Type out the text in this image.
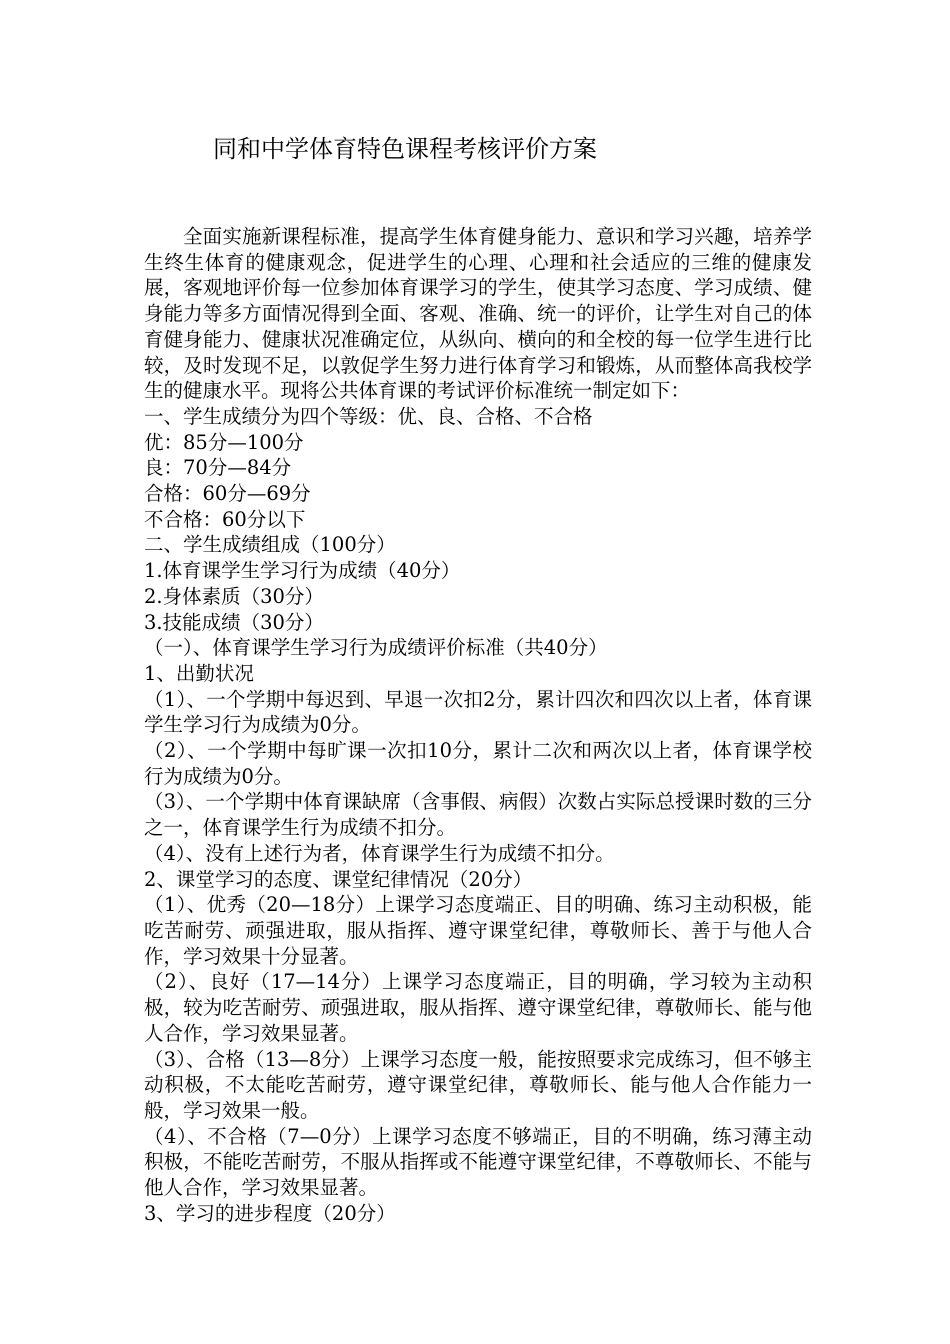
同和中学体育特色课程考核评价方案

全面实施新课程标准，提高学生体育健身能力、意识和学习兴趣，培养学生终生体育的健康观念，促进学生的心理、心理和社会适应的三维的健康发展，客观地评价每一位参加体育课学习的学生，使其学习态度、学习成绩、健身能力等多方面情况得到全面、客观、准确、统一的评价，让学生对自己的体育健身能力、健康状况准确定位，从纵向、横向的和全校的每一位学生进行比较，及时发现不足，以敦促学生努力进行体育学习和锻炼，从而整体高我校学生的健康水平。现将公共体育课的考试评价标准统一制定如下：

一、学生成绩分为四个等级：优、良、合格、不合格

优：85分—100分

良：70分—84分

合格：60分—69分

不合格：60分以下

二、学生成绩组成（100分）

1.体育课学生学习行为成绩（40分）

2.身体素质（30分）

3.技能成绩（30分）

（一）、体育课学生学习行为成绩评价标准（共40分）

1、出勤状况

（1）、一个学期中每迟到、早退一次扣2分，累计四次和四次以上者，体育课学生学习行为成绩为0分。

（2）、一个学期中每旷课一次扣10分，累计二次和两次以上者，体育课学校行为成绩为0分。

（3）、一个学期中体育课缺席（含事假、病假）次数占实际总授课时数的三分之一，体育课学生行为成绩不扣分。

（4）、没有上述行为者，体育课学生行为成绩不扣分。

2、课堂学习的态度、课堂纪律情况（20分）

（1）、优秀（20—18分）上课学习态度端正、目的明确、练习主动积极，能吃苦耐劳、顽强进取，服从指挥、遵守课堂纪律，尊敬师长、善于与他人合作，学习效果十分显著。

（2）、良好（17—14分）上课学习态度端正，目的明确，学习较为主动积极，较为吃苦耐劳、顽强进取，服从指挥、遵守课堂纪律，尊敬师长、能与他人合作，学习效果显著。

（3）、合格（13—8分）上课学习态度一般，能按照要求完成练习，但不够主动积极，不太能吃苦耐劳，遵守课堂纪律，尊敬师长、能与他人合作能力一般，学习效果一般。

（4）、不合格（7—0分）上课学习态度不够端正，目的不明确，练习薄主动积极，不能吃苦耐劳，不服从指挥或不能遵守课堂纪律，不尊敬师长、不能与他人合作，学习效果显著。

3、学习的进步程度（20分）
